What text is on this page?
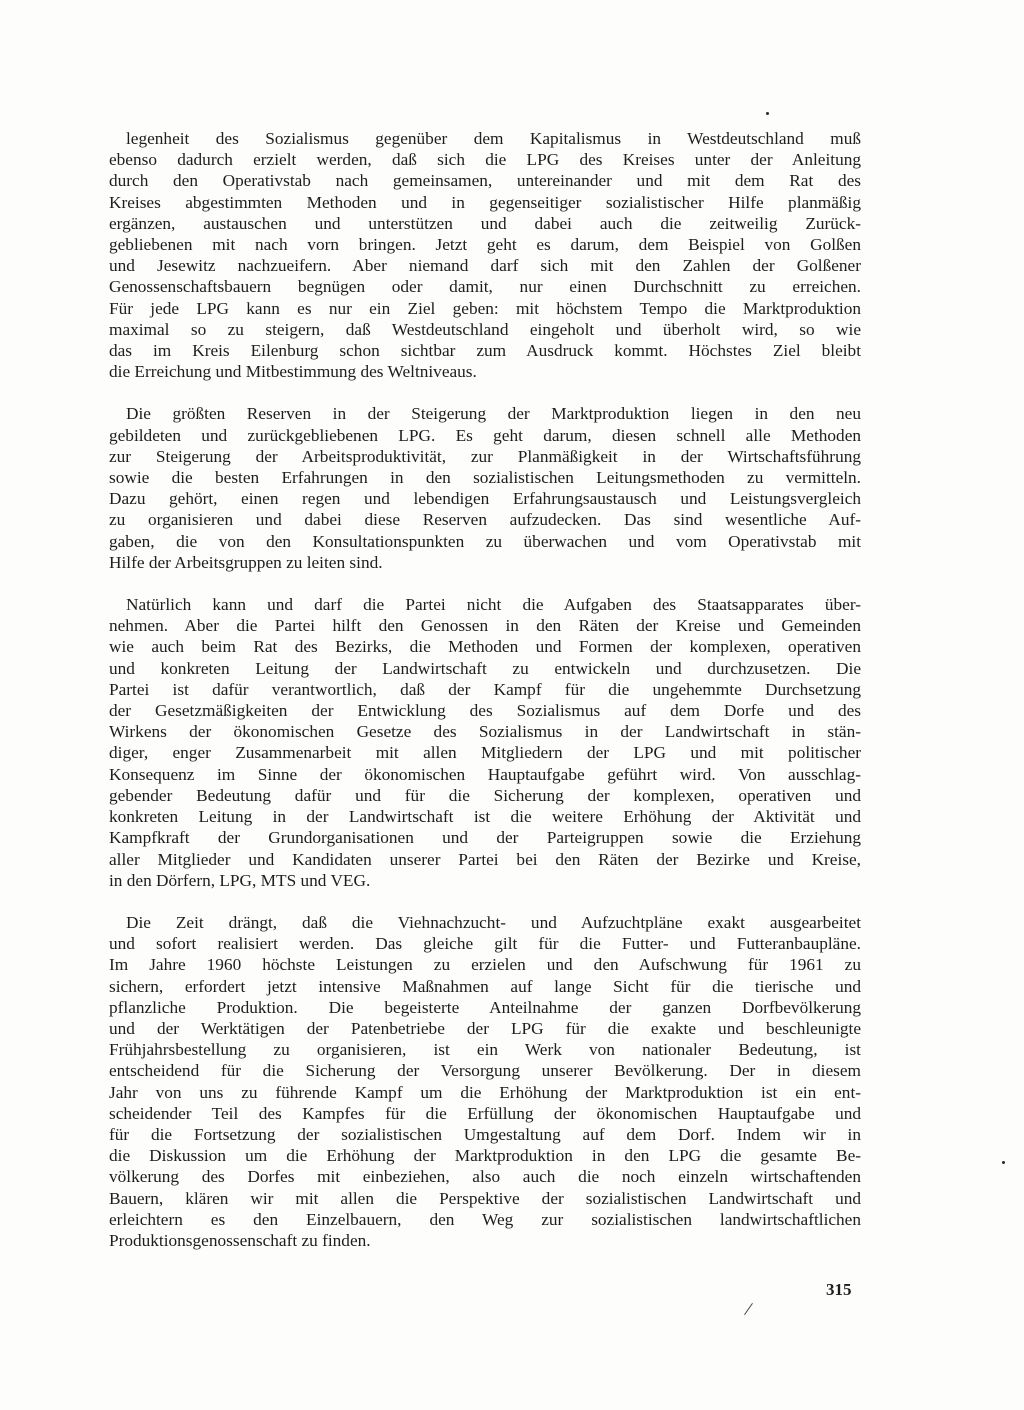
legenheit des Sozialismus gegenüber dem Kapitalismus in Westdeutschland muß
ebenso dadurch erzielt werden, daß sich die LPG des Kreises unter der Anleitung
durch den Operativstab nach gemeinsamen, untereinander und mit dem Rat des
Kreises abgestimmten Methoden und in gegenseitiger sozialistischer Hilfe planmäßig
ergänzen, austauschen und unterstützen und dabei auch die zeitweilig Zurück-
gebliebenen mit nach vorn bringen. Jetzt geht es darum, dem Beispiel von Golßen
und Jesewitz nachzueifern. Aber niemand darf sich mit den Zahlen der Golßener
Genossenschaftsbauern begnügen oder damit, nur einen Durchschnitt zu erreichen.
Für jede LPG kann es nur ein Ziel geben: mit höchstem Tempo die Marktproduktion
maximal so zu steigern, daß Westdeutschland eingeholt und überholt wird, so wie
das im Kreis Eilenburg schon sichtbar zum Ausdruck kommt. Höchstes Ziel bleibt
die Erreichung und Mitbestimmung des Weltniveaus.

Die größten Reserven in der Steigerung der Marktproduktion liegen in den neu
gebildeten und zurückgebliebenen LPG. Es geht darum, diesen schnell alle Methoden
zur Steigerung der Arbeitsproduktivität, zur Planmäßigkeit in der Wirtschaftsführung
sowie die besten Erfahrungen in den sozialistischen Leitungsmethoden zu vermitteln.
Dazu gehört, einen regen und lebendigen Erfahrungsaustausch und Leistungsvergleich
zu organisieren und dabei diese Reserven aufzudecken. Das sind wesentliche Auf-
gaben, die von den Konsultationspunkten zu überwachen und vom Operativstab mit
Hilfe der Arbeitsgruppen zu leiten sind.

Natürlich kann und darf die Partei nicht die Aufgaben des Staatsapparates über-
nehmen. Aber die Partei hilft den Genossen in den Räten der Kreise und Gemeinden
wie auch beim Rat des Bezirks, die Methoden und Formen der komplexen, operativen
und konkreten Leitung der Landwirtschaft zu entwickeln und durchzusetzen. Die
Partei ist dafür verantwortlich, daß der Kampf für die ungehemmte Durchsetzung
der Gesetzmäßigkeiten der Entwicklung des Sozialismus auf dem Dorfe und des
Wirkens der ökonomischen Gesetze des Sozialismus in der Landwirtschaft in stän-
diger, enger Zusammenarbeit mit allen Mitgliedern der LPG und mit politischer
Konsequenz im Sinne der ökonomischen Hauptaufgabe geführt wird. Von ausschlag-
gebender Bedeutung dafür und für die Sicherung der komplexen, operativen und
konkreten Leitung in der Landwirtschaft ist die weitere Erhöhung der Aktivität und
Kampfkraft der Grundorganisationen und der Parteigruppen sowie die Erziehung
aller Mitglieder und Kandidaten unserer Partei bei den Räten der Bezirke und Kreise,
in den Dörfern, LPG, MTS und VEG.

Die Zeit drängt, daß die Viehnachzucht- und Aufzuchtpläne exakt ausgearbeitet
und sofort realisiert werden. Das gleiche gilt für die Futter- und Futteranbaupläne.
Im Jahre 1960 höchste Leistungen zu erzielen und den Aufschwung für 1961 zu
sichern, erfordert jetzt intensive Maßnahmen auf lange Sicht für die tierische und
pflanzliche Produktion. Die begeisterte Anteilnahme der ganzen Dorfbevölkerung
und der Werktätigen der Patenbetriebe der LPG für die exakte und beschleunigte
Frühjahrsbestellung zu organisieren, ist ein Werk von nationaler Bedeutung, ist
entscheidend für die Sicherung der Versorgung unserer Bevölkerung. Der in diesem
Jahr von uns zu führende Kampf um die Erhöhung der Marktproduktion ist ein ent-
scheidender Teil des Kampfes für die Erfüllung der ökonomischen Hauptaufgabe und
für die Fortsetzung der sozialistischen Umgestaltung auf dem Dorf. Indem wir in
die Diskussion um die Erhöhung der Marktproduktion in den LPG die gesamte Be-
völkerung des Dorfes mit einbeziehen, also auch die noch einzeln wirtschaftenden
Bauern, klären wir mit allen die Perspektive der sozialistischen Landwirtschaft und
erleichtern es den Einzelbauern, den Weg zur sozialistischen landwirtschaftlichen
Produktionsgenossenschaft zu finden.

315
